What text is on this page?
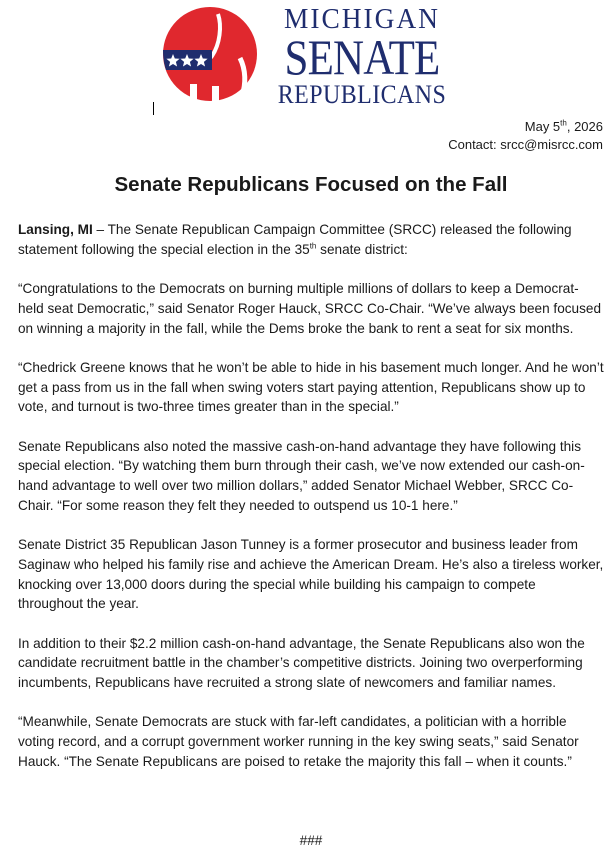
MICHIGAN
SENATE
REPUBLICANS
May 5th, 2026
Contact: srcc@misrcc.com
Senate Republicans Focused on the Fall

Lansing, MI – The Senate Republican Campaign Committee (SRCC) released the following statement following the special election in the 35th senate district:

“Congratulations to the Democrats on burning multiple millions of dollars to keep a Democrat-held seat Democratic,” said Senator Roger Hauck, SRCC Co-Chair. “We’ve always been focused on winning a majority in the fall, while the Dems broke the bank to rent a seat for six months.

“Chedrick Greene knows that he won’t be able to hide in his basement much longer. And he won’t get a pass from us in the fall when swing voters start paying attention, Republicans show up to vote, and turnout is two-three times greater than in the special.”

Senate Republicans also noted the massive cash-on-hand advantage they have following this special election. “By watching them burn through their cash, we’ve now extended our cash-on-hand advantage to well over two million dollars,” added Senator Michael Webber, SRCC Co-Chair. “For some reason they felt they needed to outspend us 10-1 here.”

Senate District 35 Republican Jason Tunney is a former prosecutor and business leader from Saginaw who helped his family rise and achieve the American Dream. He’s also a tireless worker, knocking over 13,000 doors during the special while building his campaign to compete throughout the year.

In addition to their $2.2 million cash-on-hand advantage, the Senate Republicans also won the candidate recruitment battle in the chamber’s competitive districts. Joining two overperforming incumbents, Republicans have recruited a strong slate of newcomers and familiar names.

“Meanwhile, Senate Democrats are stuck with far-left candidates, a politician with a horrible voting record, and a corrupt government worker running in the key swing seats,” said Senator Hauck. “The Senate Republicans are poised to retake the majority this fall – when it counts.”

###
